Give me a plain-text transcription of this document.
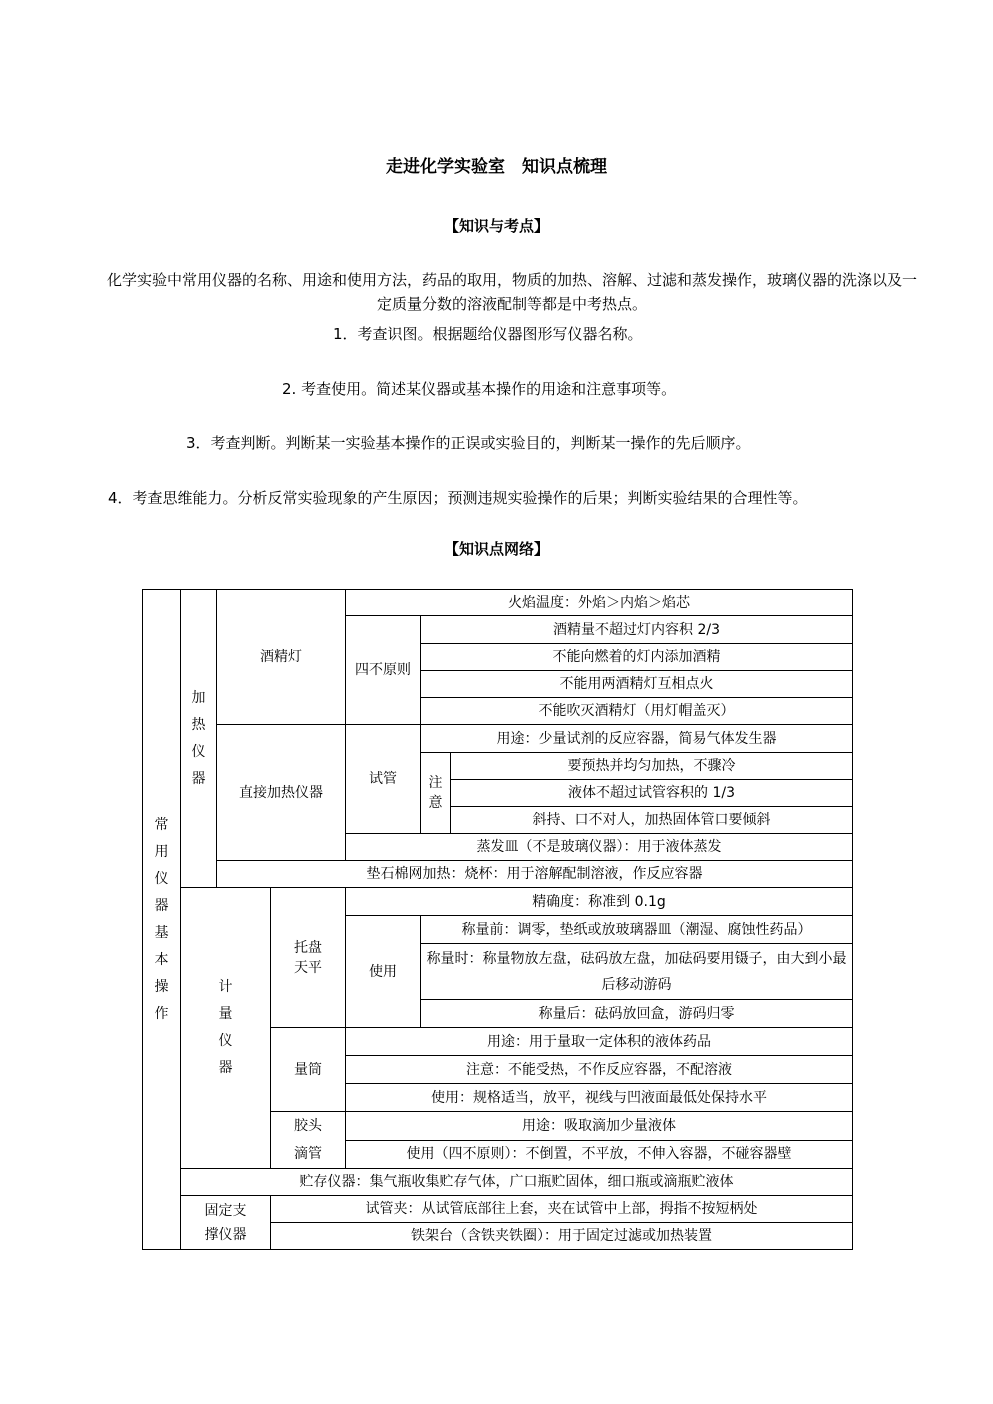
走进化学实验室　知识点梳理
【知识与考点】
化学实验中常用仪器的名称、用途和使用方法，药品的取用，物质的加热、溶解、过滤和蒸发操作，玻璃仪器的洗涤以及一定质量分数的溶液配制等都是中考热点。
1．考查识图。根据题给仪器图形写仪器名称。
2. 考查使用。简述某仪器或基本操作的用途和注意事项等。
3．考查判断。判断某一实验基本操作的正误或实验目的，判断某一操作的先后顺序。
4．考查思维能力。分析反常实验现象的产生原因；预测违规实验操作的后果；判断实验结果的合理性等。
【知识点网络】
常用仪器基本操作	加热仪器	酒精灯		火焰温度：外焰＞内焰＞焰芯		
				四不原则	酒精量不超过灯内容积 2/3	
					不能向燃着的灯内添加酒精	
					不能用两酒精灯互相点火	
					不能吹灭酒精灯（用灯帽盖灭）	
		直接加热仪器		试管	用途：少量试剂的反应容器，简易气体发生器	
					注意	要预热并均匀加热，不骤冷
						液体不超过试管容积的 1/3
						斜持、口不对人，加热固体管口要倾斜
				蒸发皿（不是玻璃仪器）：用于液体蒸发		
		垫石棉网加热：烧杯：用于溶解配制溶液，作反应容器				
	计量仪器		托盘天平	精确度：称准到 0.1g		
				使用	称量前：调零，垫纸或放玻璃器皿（潮湿、腐蚀性药品）	
					称量时：称量物放左盘，砝码放左盘，加砝码要用镊子，由大到小最后移动游码	
					称量后：砝码放回盒，游码归零	
			量筒	用途：用于量取一定体积的液体药品		
				注意：不能受热，不作反应容器，不配溶液		
				使用：规格适当，放平，视线与凹液面最低处保持水平		
			胶头滴管	用途：吸取滴加少量液体		
				使用（四不原则）：不倒置，不平放，不伸入容器，不碰容器壁		
	贮存仪器：集气瓶收集贮存气体，广口瓶贮固体，细口瓶或滴瓶贮液体					
	固定支撑仪器		试管夹：从试管底部往上套，夹在试管中上部，拇指不按短柄处			
			铁架台（含铁夹铁圈）：用于固定过滤或加热装置			
